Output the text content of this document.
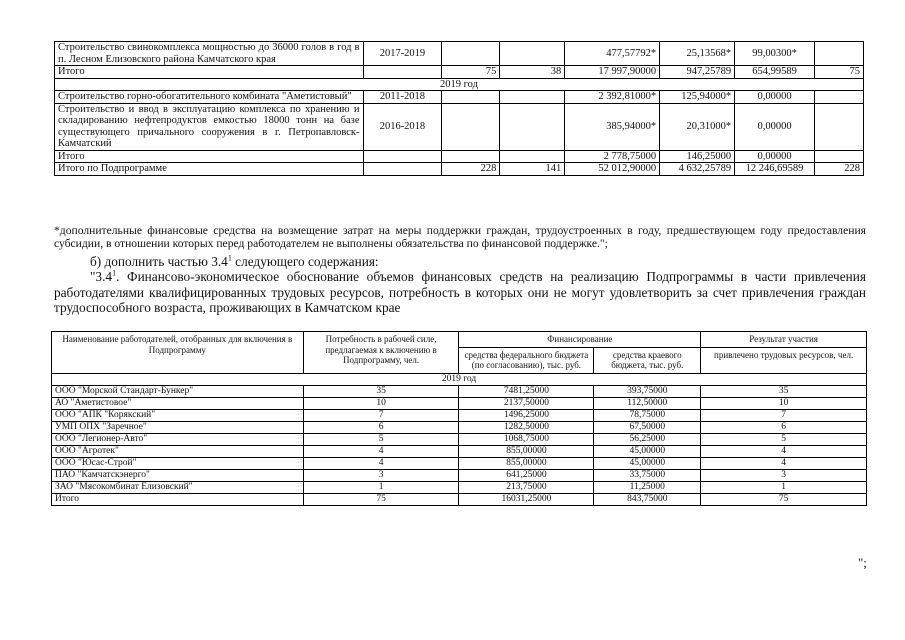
Строительство свинокомплекса мощностью до 36000 голов в год в п. Лесном Елизовского района Камчатского края	2017-2019			477,57792*	25,13568*	99,00300*	
Итого		75	38	17 997,90000	947,25789	654,99589	75
2019 год							
Строительство горно-обогатительного комбината "Аметистовый"	2011-2018			2 392,81000*	125,94000*	0,00000	
Строительство и ввод в эксплуатацию комплекса по хранению и складированию нефтепродуктов емкостью 18000 тонн на базе существующего причального сооружения в г. Петропавловск-Камчатский	2016-2018			385,94000*	20,31000*	0,00000	
Итого				2 778,75000	146,25000	0,00000	
Итого по Подпрограмме		228	141	52 012,90000	4 632,25789	12 246,69589	228
*дополнительные финансовые средства на возмещение затрат на меры поддержки граждан, трудоустроенных в году, предшествующем году предоставления субсидии, в отношении которых перед работодателем не выполнены обязательства по финансовой поддержке.";
б) дополнить частью $3.4^1$ следующего содержания:
"$3.4^1$. Финансово-экономическое обоснование объемов финансовых средств на реализацию Подпрограммы в части привлечения работодателями квалифицированных трудовых ресурсов, потребность в которых они не могут удовлетворить за счет привлечения граждан трудоспособного возраста, проживающих в Камчатском крае
Наименование работодателей, отобранных для включения в Подпрограмму	Потребность в рабочей силе, предлагаемая к включению в Подпрограмму, чел.	Финансирование		Результат участия
		средства федерального бюджета (по согласованию), тыс. руб.	средства краевого бюджета, тыс. руб.	привлечено трудовых ресурсов, чел.
2019 год				
ООО "Морской Стандарт-Бункер"	35	7481,25000	393,75000	35
АО "Аметистовое"	10	2137,50000	112,50000	10
ООО "АПК "Корякский"	7	1496,25000	78,75000	7
УМП ОПХ "Заречное"	6	1282,50000	67,50000	6
ООО "Легионер-Авто"	5	1068,75000	56,25000	5
ООО "Агротек"	4	855,00000	45,00000	4
ООО "Юсас-Строй"	4	855,00000	45,00000	4
ПАО "Камчатскэнерго"	3	641,25000	33,75000	3
ЗАО "Мясокомбинат Елизовский"	1	213,75000	11,25000	1
Итого	75	16031,25000	843,75000	75
";
